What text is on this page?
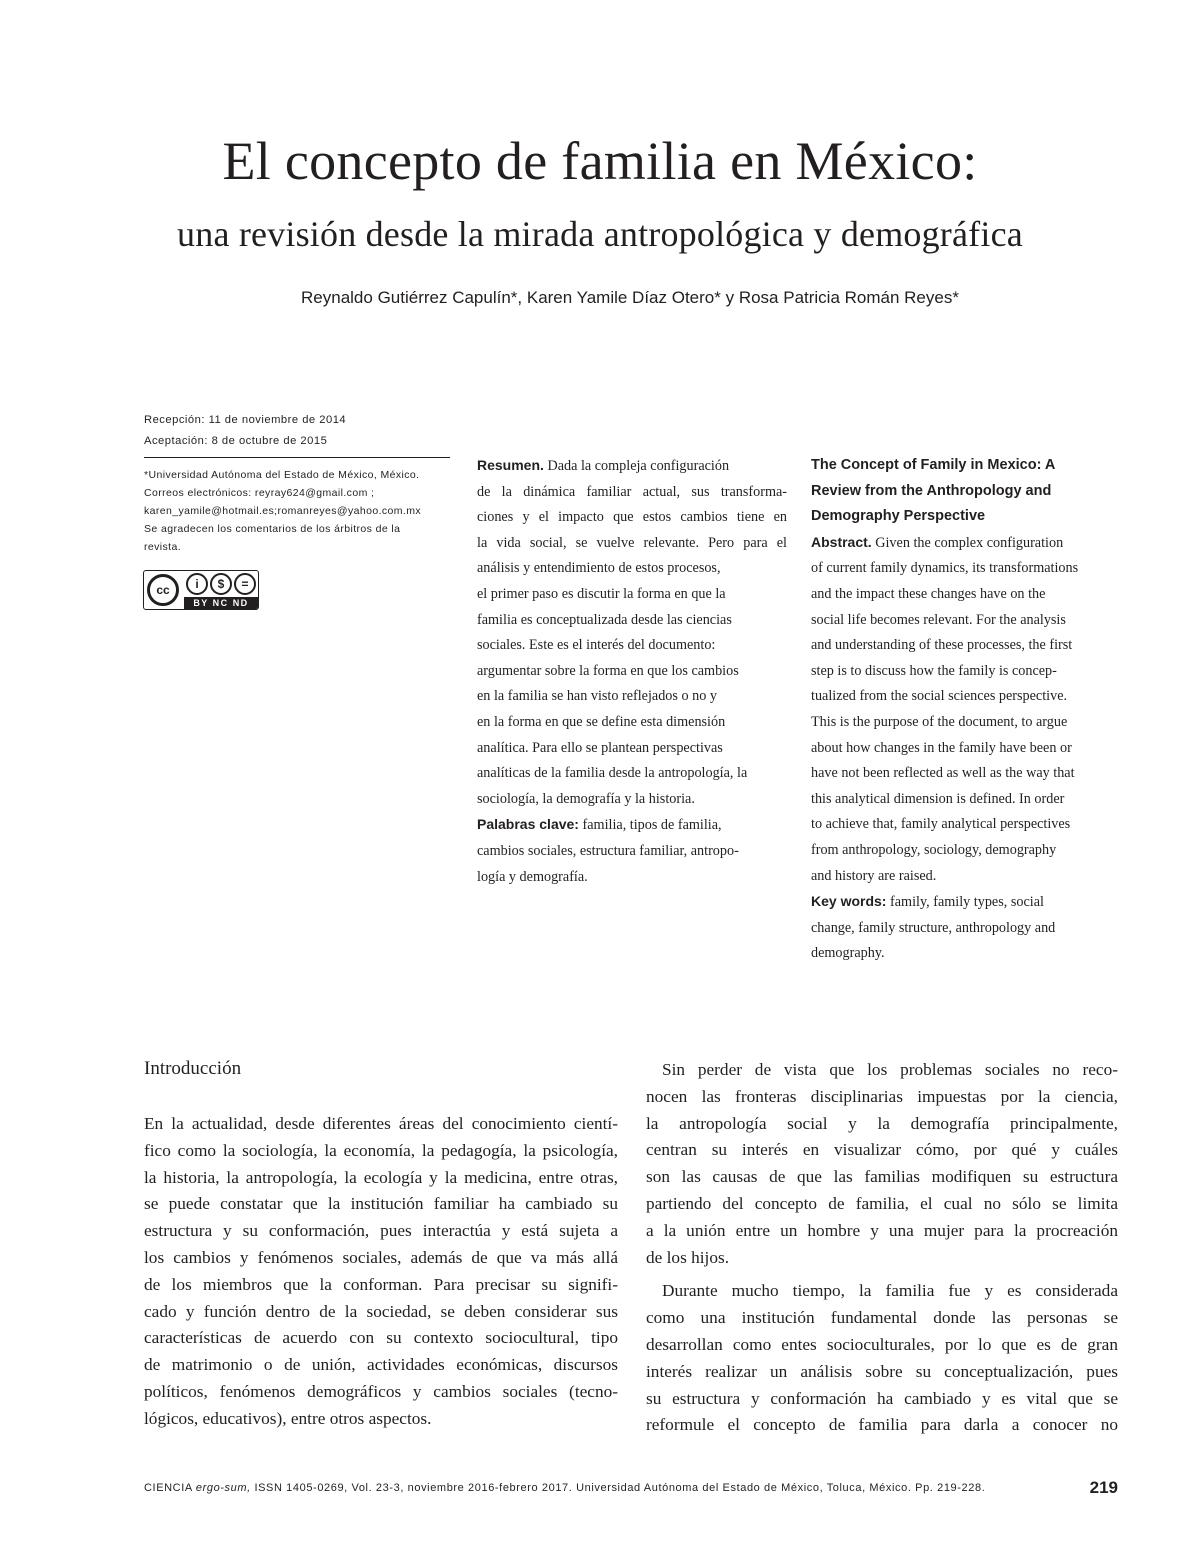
El concepto de familia en México:
una revisión desde la mirada antropológica y demográfica
Reynaldo Gutiérrez Capulín*, Karen Yamile Díaz Otero* y Rosa Patricia Román Reyes*
Recepción: 11 de noviembre de 2014
Aceptación: 8 de octubre de 2015
*Universidad Autónoma del Estado de México, México.
Correos electrónicos: reyray624@gmail.com ;
karen_yamile@hotmail.es;romanreyes@yahoo.com.mx
Se agradecen los comentarios de los árbitros de la
revista.
cc	i	$	=
BY NC ND
Resumen. Dada la compleja configuración
de la dinámica familiar actual, sus transforma-
ciones y el impacto que estos cambios tiene en
la vida social, se vuelve relevante. Pero para el
análisis y entendimiento de estos procesos,
el primer paso es discutir la forma en que la
familia es conceptualizada desde las ciencias
sociales. Este es el interés del documento:
argumentar sobre la forma en que los cambios
en la familia se han visto reflejados o no y
en la forma en que se define esta dimensión
analítica. Para ello se plantean perspectivas
analíticas de la familia desde la antropología, la
sociología, la demografía y la historia.
Palabras clave: familia, tipos de familia,
cambios sociales, estructura familiar, antropo-
logía y demografía.
The Concept of Family in Mexico: A
Review from the Anthropology and
Demography Perspective
Abstract. Given the complex configuration
of current family dynamics, its transformations
and the impact these changes have on the
social life becomes relevant. For the analysis
and understanding of these processes, the first
step is to discuss how the family is concep-
tualized from the social sciences perspective.
This is the purpose of the document, to argue
about how changes in the family have been or
have not been reflected as well as the way that
this analytical dimension is defined. In order
to achieve that, family analytical perspectives
from anthropology, sociology, demography
and history are raised.
Key words: family, family types, social
change, family structure, anthropology and
demography.
Introducción
En la actualidad, desde diferentes áreas del conocimiento cientí-
fico como la sociología, la economía, la pedagogía, la psicología,
la historia, la antropología, la ecología y la medicina, entre otras,
se puede constatar que la institución familiar ha cambiado su
estructura y su conformación, pues interactúa y está sujeta a
los cambios y fenómenos sociales, además de que va más allá
de los miembros que la conforman. Para precisar su signifi-
cado y función dentro de la sociedad, se deben considerar sus
características de acuerdo con su contexto sociocultural, tipo
de matrimonio o de unión, actividades económicas, discursos
políticos, fenómenos demográficos y cambios sociales (tecno-
lógicos, educativos), entre otros aspectos.
Sin perder de vista que los problemas sociales no reco-
nocen las fronteras disciplinarias impuestas por la ciencia,
la antropología social y la demografía principalmente,
centran su interés en visualizar cómo, por qué y cuáles
son las causas de que las familias modifiquen su estructura
partiendo del concepto de familia, el cual no sólo se limita
a la unión entre un hombre y una mujer para la procreación
de los hijos.
Durante mucho tiempo, la familia fue y es considerada
como una institución fundamental donde las personas se
desarrollan como entes socioculturales, por lo que es de gran
interés realizar un análisis sobre su conceptualización, pues
su estructura y conformación ha cambiado y es vital que se
reformule el concepto de familia para darla a conocer no
CIENCIA ergo-sum, ISSN 1405-0269, Vol. 23-3, noviembre 2016-febrero 2017. Universidad Autónoma del Estado de México, Toluca, México. Pp. 219-228.	219
